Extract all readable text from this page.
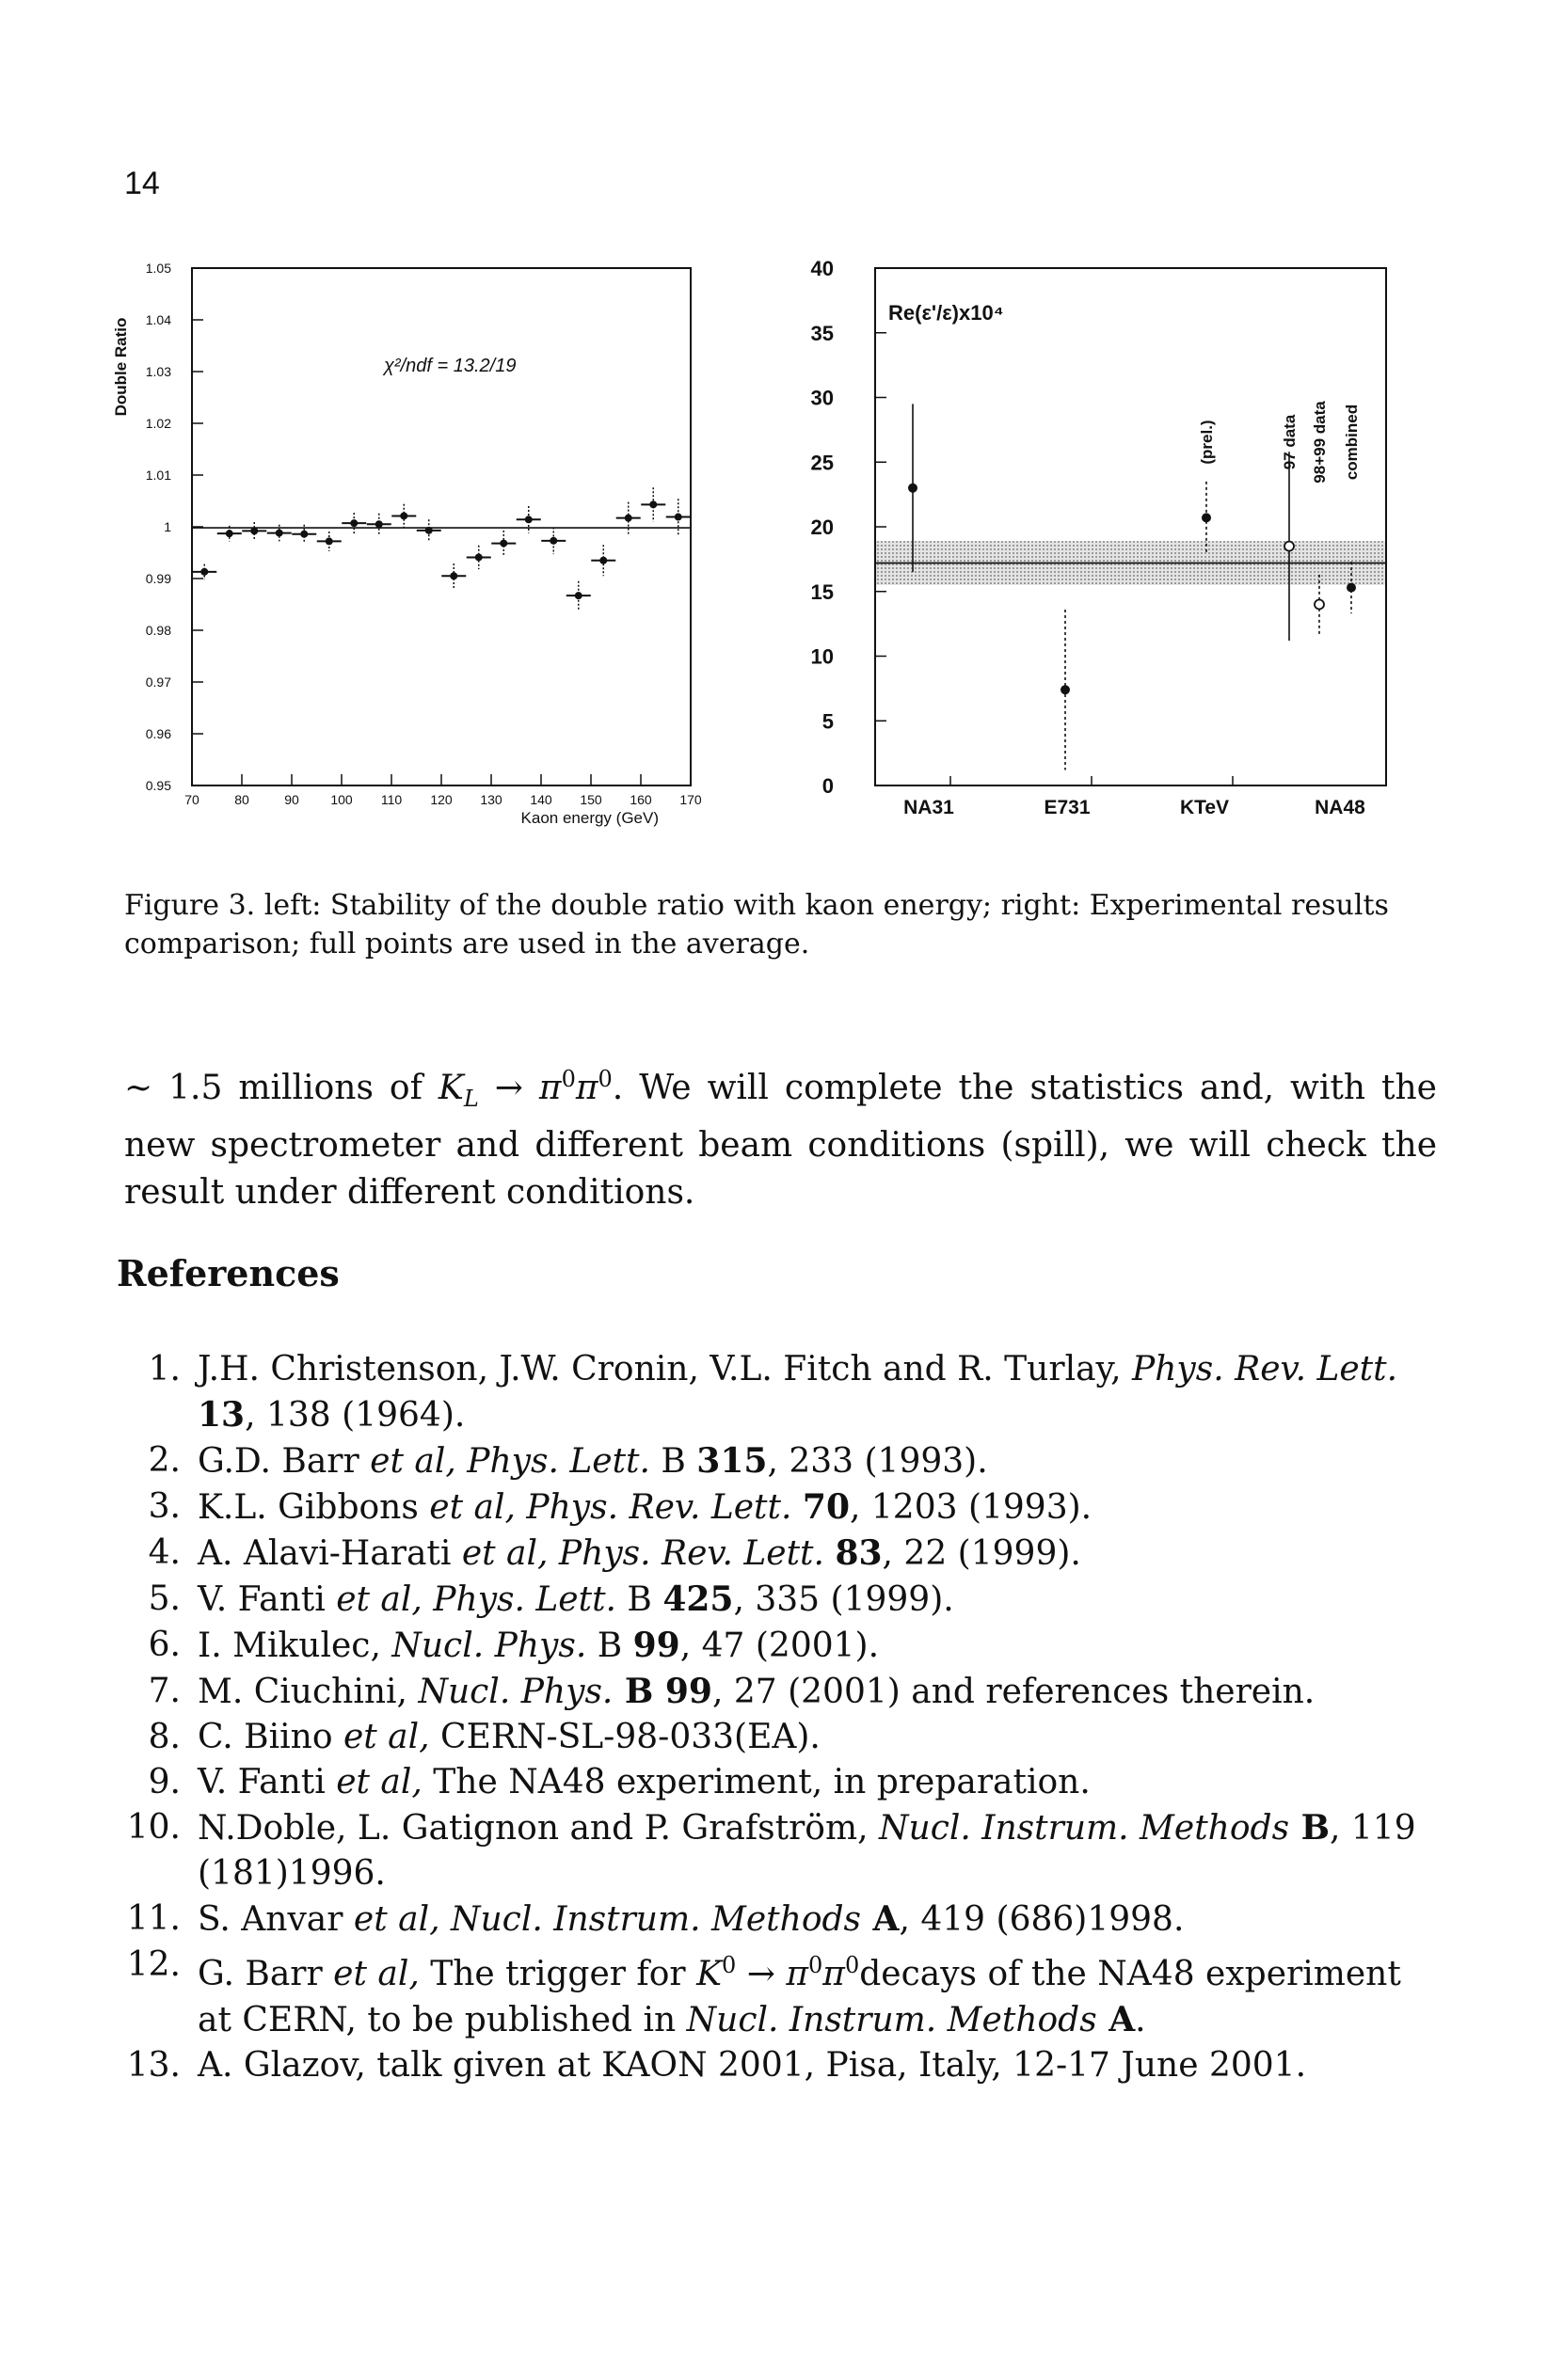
14
0.95
0.96
0.97
0.98
0.99
1
1.01
1.02
1.03
1.04
1.05
70	80	90 100 110 120 130 140 150 160 170
Kaon energy (GeV)
Double Ratio	χ²/ndf = 13.2/19
0
5
10
15
20
25
30
35
40
NA31	E731	KTeV	NA48
Re(ε'/ε)x10⁴
(prel.)	97 data 98+99 data combined
Figure 3. left: Stability of the double ratio with kaon energy; right: Experimental results comparison; full points are used in the average.

∼ 1.5 millions of $K_L \to \pi^0\pi^0$. We will complete the statistics and, with the new spectrometer and different beam conditions (spill), we will check the result under different conditions.

References
1. J.H. Christenson, J.W. Cronin, V.L. Fitch and R. Turlay, Phys. Rev. Lett. 13, 138 (1964).
2. G.D. Barr et al, Phys. Lett. B 315, 233 (1993).
3. K.L. Gibbons et al, Phys. Rev. Lett. 70, 1203 (1993).
4. A. Alavi-Harati et al, Phys. Rev. Lett. 83, 22 (1999).
5. V. Fanti et al, Phys. Lett. B 425, 335 (1999).
6. I. Mikulec, Nucl. Phys. B 99, 47 (2001).
7. M. Ciuchini, Nucl. Phys. B 99, 27 (2001) and references therein.
8. C. Biino et al, CERN-SL-98-033(EA).
9. V. Fanti et al, The NA48 experiment, in preparation.
10. N.Doble, L. Gatignon and P. Grafström, Nucl. Instrum. Methods B, 119 (181)1996.
11. S. Anvar et al, Nucl. Instrum. Methods A, 419 (686)1998.
12. G. Barr et al, The trigger for $K^0$ → $\pi^0\pi^0decays$ of the NA48 experiment at CERN, to be published in Nucl. Instrum. Methods A.
13. A. Glazov, talk given at KAON 2001, Pisa, Italy, 12-17 June 2001.
